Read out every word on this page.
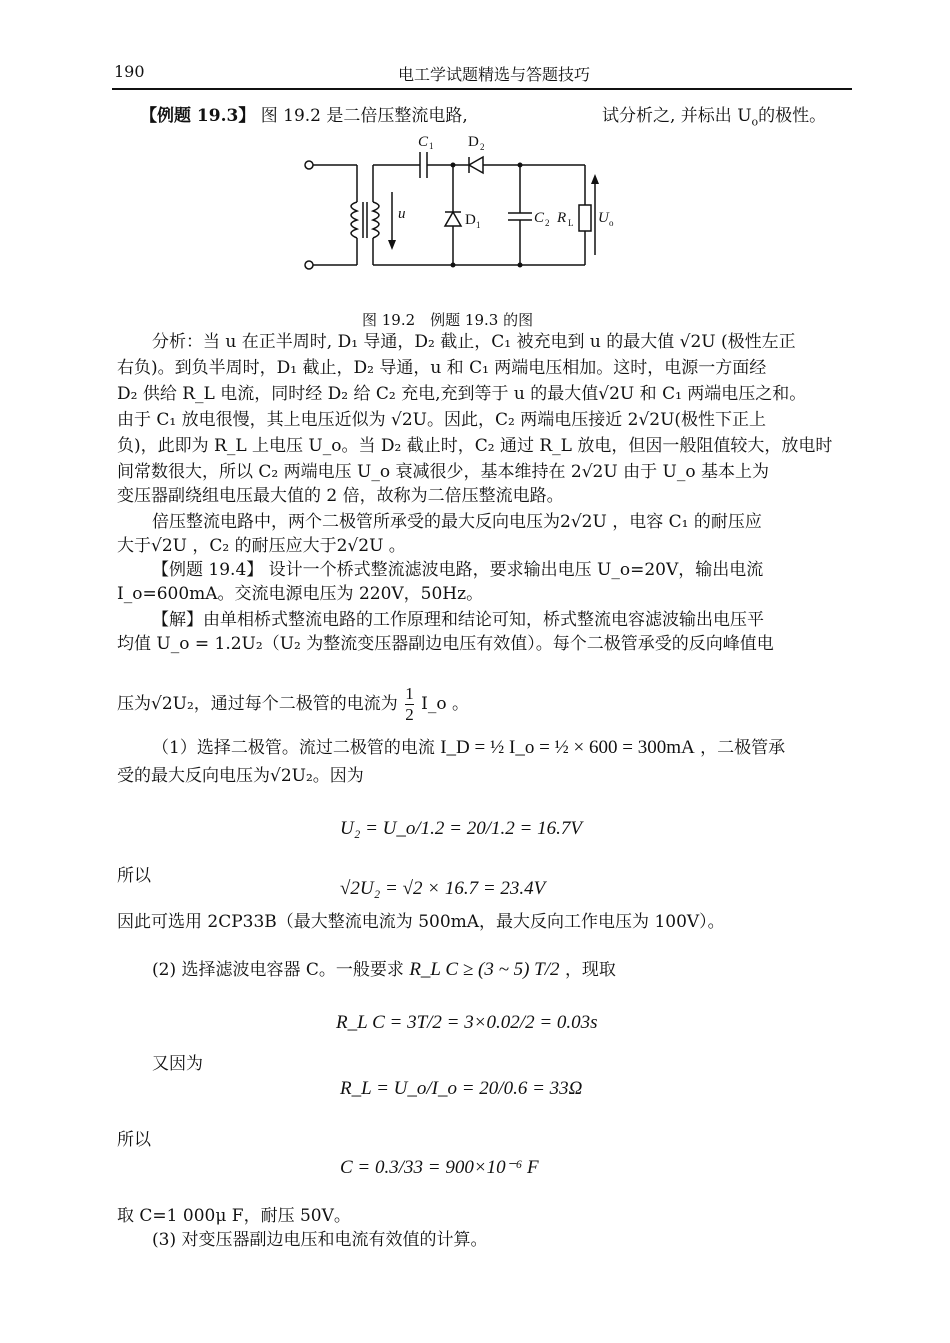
190	电工学试题精选与答题技巧
【例题 19.3】 图 19.2 是二倍压整流电路,	试分析之, 并标出 $U_o$的极性。
C 1 D 2
u	D 1	C 2 R L U o
图 19.2　例题 19.3 的图
分析：当 u 在正半周时, D₁ 导通，D₂ 截止，C₁ 被充电到 u 的最大值 √2U (极性左正
右负)。到负半周时，D₁ 截止，D₂ 导通，u 和 C₁ 两端电压相加。这时，电源一方面经
D₂ 供给 R_L 电流，同时经 D₂ 给 C₂ 充电,充到等于 u 的最大值√2U 和 C₁ 两端电压之和。
由于 C₁ 放电很慢，其上电压近似为 √2U。因此，C₂ 两端电压接近 2√2U(极性下正上
负)，此即为 R_L 上电压 U_o。当 D₂ 截止时，C₂ 通过 R_L 放电，但因一般阻值较大，放电时
间常数很大，所以 C₂ 两端电压 U_o 衰减很少，基本维持在 2√2U 由于 U_o 基本上为
变压器副绕组电压最大值的 2 倍，故称为二倍压整流电路。
倍压整流电路中，两个二极管所承受的最大反向电压为2√2U ，电容 C₁ 的耐压应
大于√2U ，C₂ 的耐压应大于2√2U 。
【例题 19.4】 设计一个桥式整流滤波电路，要求输出电压 U_o=20V，输出电流
I_o=600mA。交流电源电压为 220V，50Hz。
【解】由单相桥式整流电路的工作原理和结论可知，桥式整流电容滤波输出电压平
均值 U_o = 1.2U₂（U₂ 为整流变压器副边电压有效值）。每个二极管承受的反向峰值电
压为√2U₂，通过每个二极管的电流为 $\frac{1}{2}$ I_o 。
（1）选择二极管。流过二极管的电流 I_D = ½ I_o = ½ × 600 = 300mA ，二极管承
受的最大反向电压为√2U₂。因为
U₂ = U_o/1.2 = 20/1.2 = 16.7V
所以
√2U₂ = √2 × 16.7 = 23.4V
因此可选用 2CP33B（最大整流电流为 500mA，最大反向工作电压为 100V）。
(2) 选择滤波电容器 C。一般要求 R_L C ≥ (3 ~ 5) T/2 ，现取
R_L C = 3T/2 = 3×0.02/2 = 0.03s
又因为
R_L = U_o/I_o = 20/0.6 = 33Ω
所以
C = 0.3/33 = 900×10⁻⁶ F
取 C=1 000μ F，耐压 50V。
(3) 对变压器副边电压和电流有效值的计算。
